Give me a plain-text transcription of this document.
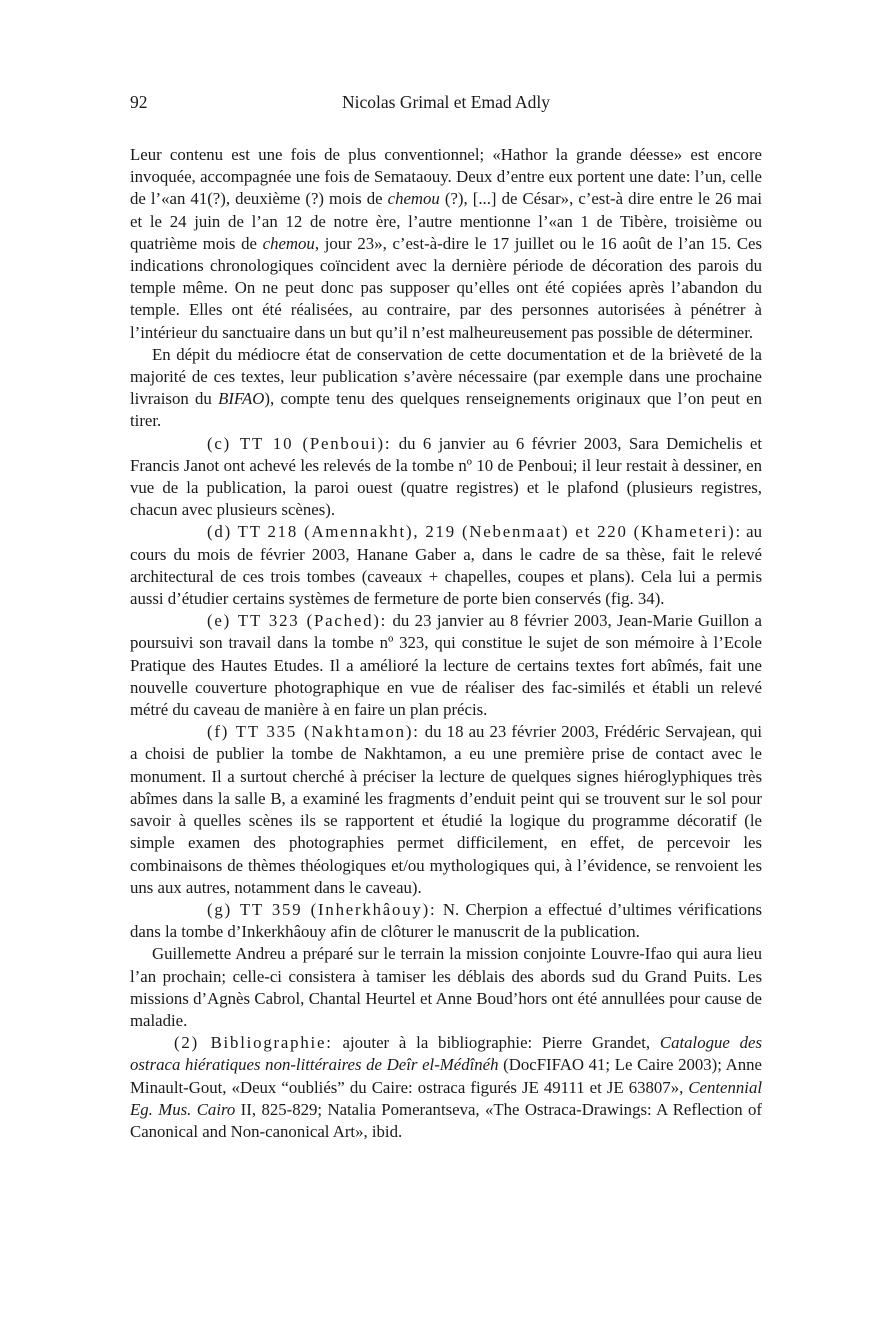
92	Nicolas Grimal et Emad Adly

Leur contenu est une fois de plus conventionnel; «Hathor la grande déesse» est encore invoquée, accompagnée une fois de Semataouy. Deux d’entre eux portent une date: l’un, celle de l’«an 41(?), deuxième (?) mois de chemou (?), [...] de César», c’est-à dire entre le 26 mai et le 24 juin de l’an 12 de notre ère, l’autre mentionne l’«an 1 de Tibère, troisième ou quatrième mois de chemou, jour 23», c’est-à-dire le 17 juillet ou le 16 août de l’an 15. Ces indications chronologiques coïncident avec la dernière période de décoration des parois du temple même. On ne peut donc pas supposer qu’elles ont été copiées après l’abandon du temple. Elles ont été réalisées, au contraire, par des personnes autorisées à pénétrer à l’intérieur du sanctuaire dans un but qu’il n’est malheureusement pas possible de déterminer.

En dépit du médiocre état de conservation de cette documentation et de la brièveté de la majorité de ces textes, leur publication s’avère nécessaire (par exemple dans une prochaine livraison du BIFAO), compte tenu des quelques renseignements originaux que l’on peut en tirer.

(c) TT 10 (Penboui): du 6 janvier au 6 février 2003, Sara Demichelis et Francis Janot ont achevé les relevés de la tombe nº 10 de Penboui; il leur restait à dessiner, en vue de la publication, la paroi ouest (quatre registres) et le plafond (plusieurs registres, chacun avec plusieurs scènes).

(d) TT 218 (Amennakht), 219 (Nebenmaat) et 220 (Khameteri): au cours du mois de février 2003, Hanane Gaber a, dans le cadre de sa thèse, fait le relevé architectural de ces trois tombes (caveaux + chapelles, coupes et plans). Cela lui a permis aussi d’étudier certains systèmes de fermeture de porte bien conservés (fig. 34).

(e) TT 323 (Pached): du 23 janvier au 8 février 2003, Jean-Marie Guillon a poursuivi son travail dans la tombe nº 323, qui constitue le sujet de son mémoire à l’Ecole Pratique des Hautes Etudes. Il a amélioré la lecture de certains textes fort abîmés, fait une nouvelle couverture photographique en vue de réaliser des fac-similés et établi un relevé métré du caveau de manière à en faire un plan précis.

(f) TT 335 (Nakhtamon): du 18 au 23 février 2003, Frédéric Servajean, qui a choisi de publier la tombe de Nakhtamon, a eu une première prise de contact avec le monument. Il a surtout cherché à préciser la lecture de quelques signes hiéroglyphiques très abîmes dans la salle B, a examiné les fragments d’enduit peint qui se trouvent sur le sol pour savoir à quelles scènes ils se rapportent et étudié la logique du programme décoratif (le simple examen des photographies permet difficilement, en effet, de percevoir les combinaisons de thèmes théologiques et/ou mythologiques qui, à l’évidence, se renvoient les uns aux autres, notamment dans le caveau).

(g) TT 359 (Inherkhâouy): N. Cherpion a effectué d’ultimes vérifications dans la tombe d’Inkerkhâouy afin de clôturer le manuscrit de la publication.

Guillemette Andreu a préparé sur le terrain la mission conjointe Louvre-Ifao qui aura lieu l’an prochain; celle-ci consistera à tamiser les déblais des abords sud du Grand Puits. Les missions d’Agnès Cabrol, Chantal Heurtel et Anne Boud’hors ont été annullées pour cause de maladie.

(2) Bibliographie: ajouter à la bibliographie: Pierre Grandet, Catalogue des ostraca hiératiques non-littéraires de Deîr el-Médînéh (DocFIFAO 41; Le Caire 2003); Anne Minault-Gout, «Deux “oubliés” du Caire: ostraca figurés JE 49111 et JE 63807», Centennial Eg. Mus. Cairo II, 825-829; Natalia Pomerantseva, «The Ostraca-Drawings: A Reflection of Canonical and Non-canonical Art», ibid.
